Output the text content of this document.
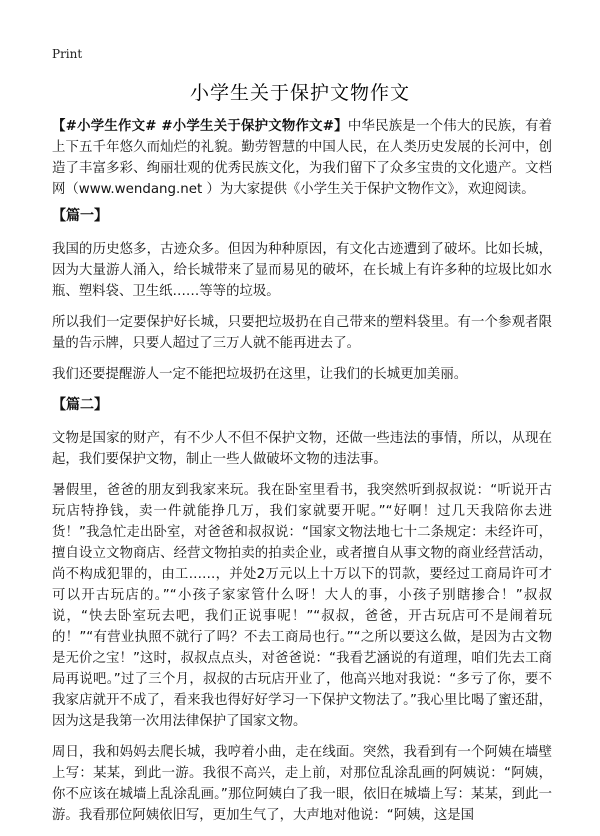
Print
小学生关于保护文物作文

【#小学生作文# #小学生关于保护文物作文#】中华民族是一个伟大的民族，有着上下五千年悠久而灿烂的礼貌。勤劳智慧的中国人民，在人类历史发展的长河中，创造了丰富多彩、绚丽壮观的优秀民族文化，为我们留下了众多宝贵的文化遗产。文档网（www.wendang.net ）为大家提供《小学生关于保护文物作文》，欢迎阅读。

【篇一】

我国的历史悠多，古迹众多。但因为种种原因，有文化古迹遭到了破坏。比如长城，因为大量游人涌入，给长城带来了显而易见的破坏，在长城上有许多种的垃圾比如水瓶、塑料袋、卫生纸……等等的垃圾。

所以我们一定要保护好长城，只要把垃圾扔在自己带来的塑料袋里。有一个参观者限量的告示牌，只要人超过了三万人就不能再进去了。

我们还要提醒游人一定不能把垃圾扔在这里，让我们的长城更加美丽。

【篇二】

文物是国家的财产，有不少人不但不保护文物，还做一些违法的事情，所以，从现在起，我们要保护文物，制止一些人做破坏文物的违法事。

暑假里，爸爸的朋友到我家来玩。我在卧室里看书，我突然听到叔叔说：“听说开古玩店特挣钱，卖一件就能挣几万，我们家就要开呢。”“好啊！过几天我陪你去进货！”我急忙走出卧室，对爸爸和叔叔说：“国家文物法地七十二条规定：未经许可，擅自设立文物商店、经营文物拍卖的拍卖企业，或者擅自从事文物的商业经营活动，尚不构成犯罪的，由工……，并处2万元以上十万以下的罚款，要经过工商局许可才可以开古玩店的。”“小孩子家家管什么呀！大人的事，小孩子别瞎掺合！”叔叔说，“快去卧室玩去吧，我们正说事呢！”“叔叔，爸爸，开古玩店可不是闹着玩的！”“有营业执照不就行了吗？不去工商局也行。”“之所以要这么做，是因为古文物是无价之宝！”这时，叔叔点点头，对爸爸说：“我看艺涵说的有道理，咱们先去工商局再说吧。”过了三个月，叔叔的古玩店开业了，他高兴地对我说：“多亏了你，要不我家店就开不成了，看来我也得好好学习一下保护文物法了。”我心里比喝了蜜还甜，因为这是我第一次用法律保护了国家文物。

周日，我和妈妈去爬长城，我哼着小曲，走在线面。突然，我看到有一个阿姨在墙壁上写：某某，到此一游。我很不高兴，走上前，对那位乱涂乱画的阿姨说：“阿姨，你不应该在城墙上乱涂乱画。”那位阿姨白了我一眼，依旧在城墙上写：某某，到此一游。我看那位阿姨依旧写，更加生气了，大声地对他说：“阿姨，这是国
